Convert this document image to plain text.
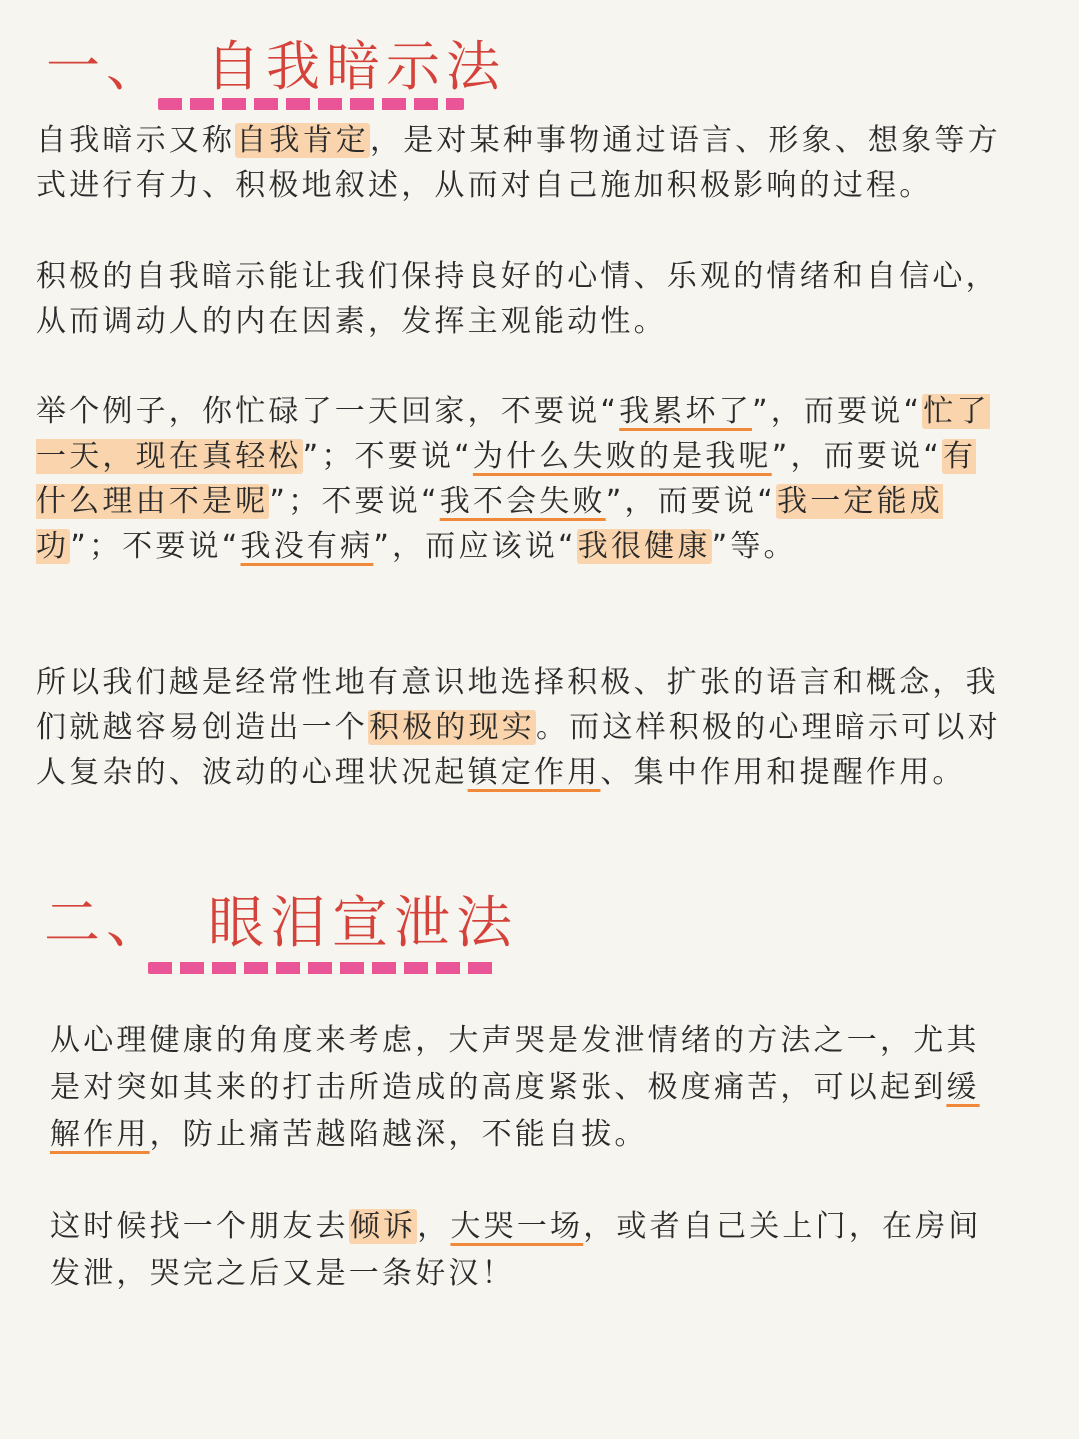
一、 自我暗示法
自我暗示又称自我肯定，是对某种事物通过语言、形象、想象等方式进行有力、积极地叙述，从而对自己施加积极影响的过程。
积极的自我暗示能让我们保持良好的心情、乐观的情绪和自信心，从而调动人的内在因素，发挥主观能动性。
举个例子，你忙碌了一天回家，不要说“我累坏了”，而要说“忙了一天，现在真轻松”；不要说“为什么失败的是我呢”，而要说“有什么理由不是呢”；不要说“我不会失败”，而要说“我一定能成功”；不要说“我没有病”，而应该说“我很健康”等。
所以我们越是经常性地有意识地选择积极、扩张的语言和概念，我们就越容易创造出一个积极的现实。而这样积极的心理暗示可以对人复杂的、波动的心理状况起镇定作用、集中作用和提醒作用。
二、 眼泪宣泄法
从心理健康的角度来考虑，大声哭是发泄情绪的方法之一，尤其是对突如其来的打击所造成的高度紧张、极度痛苦，可以起到缓解作用，防止痛苦越陷越深，不能自拔。
这时候找一个朋友去倾诉，大哭一场，或者自己关上门，在房间发泄，哭完之后又是一条好汉！
